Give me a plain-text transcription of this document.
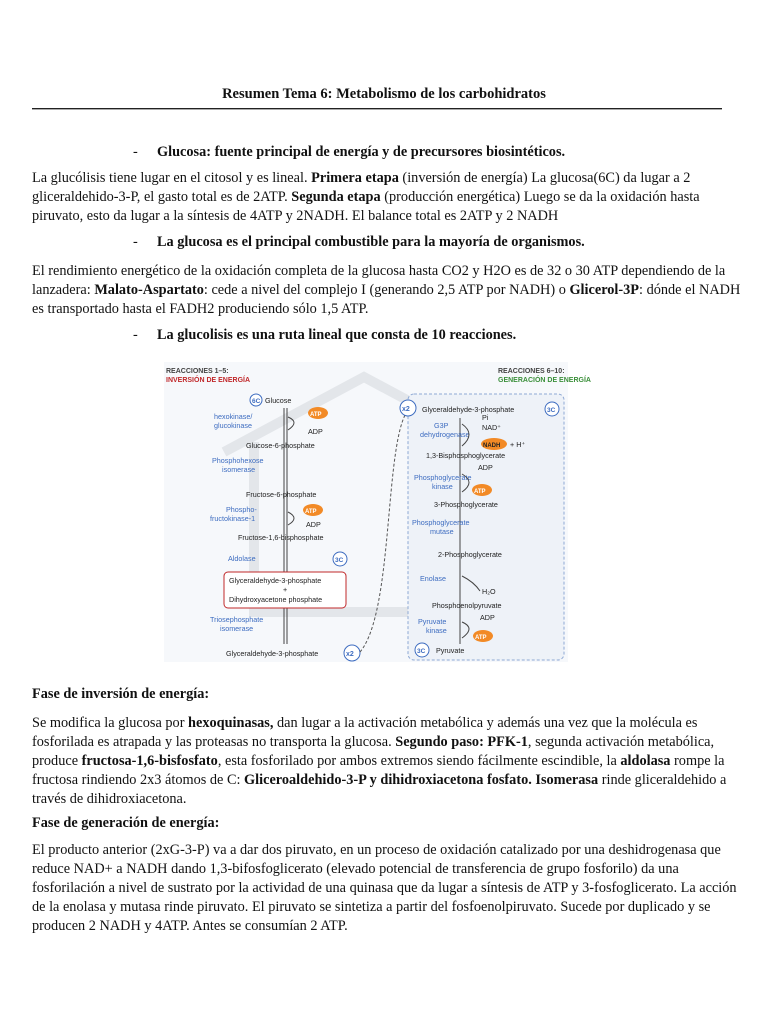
Resumen Tema 6: Metabolismo de los carbohidratos
- Glucosa: fuente principal de energía y de precursores biosintéticos.
La glucólisis tiene lugar en el citosol y es lineal. Primera etapa (inversión de energía) La glucosa(6C) da lugar a 2 gliceraldehido-3-P, el gasto total es de 2ATP. Segunda etapa (producción energética) Luego se da la oxidación hasta piruvato, esto da lugar a la síntesis de 4ATP y 2NADH. El balance total es 2ATP y 2 NADH
- La glucosa es el principal combustible para la mayoría de organismos.
El rendimiento energético de la oxidación completa de la glucosa hasta CO2 y H2O es de 32 o 30 ATP dependiendo de la lanzadera: Malato-Aspartato: cede a nivel del complejo I (generando 2,5 ATP por NADH) o Glicerol-3P: dónde el NADH es transportado hasta el FADH2 produciendo sólo 1,5 ATP.
- La glucolisis es una ruta lineal que consta de 10 reacciones.
REACCIONES 1–5:
INVERSIÓN DE ENERGÍA
6C Glucose
hexokinase/
glucokinase
ATP
ADP
Glucose-6-phosphate
Phosphohexose
isomerase
Fructose-6-phosphate
Phospho-
fructokinase-1
ATP
ADP
Fructose-1,6-bisphosphate
Aldolase	3C
Glyceraldehyde-3-phosphate
+
Dihydroxyacetone phosphate
Triosephosphate
isomerase
Glyceraldehyde-3-phosphate	x2
REACCIONES 6–10:
GENERACIÓN DE ENERGÍA
x2 Glyceraldehyde-3-phosphate	3C
G3P
dehydrogenase
Pi
NAD⁺
NADH + H⁺
1,3-Bisphosphoglycerate
Phosphoglycerate
kinase
ADP
ATP
3-Phosphoglycerate
Phosphoglycerate
mutase
2-Phosphoglycerate
Enolase
H₂O
Phosphoenolpyruvate
Pyruvate
kinase
ADP
ATP
3C Pyruvate
Fase de inversión de energía:
Se modifica la glucosa por hexoquinasas, dan lugar a la activación metabólica y además una vez que la molécula es fosforilada es atrapada y las proteasas no transporta la glucosa. Segundo paso: PFK-1, segunda activación metabólica, produce fructosa-1,6-bisfosfato, esta fosforilado por ambos extremos siendo fácilmente escindible, la aldolasa rompe la fructosa rindiendo 2x3 átomos de C: Gliceroaldehido-3-P y dihidroxiacetona fosfato. Isomerasa rinde gliceraldehido a través de dihidroxiacetona.
Fase de generación de energía:
El producto anterior (2xG-3-P) va a dar dos piruvato, en un proceso de oxidación catalizado por una deshidrogenasa que reduce NAD+ a NADH dando 1,3-bifosfoglicerato (elevado potencial de transferencia de grupo fosforilo) da una fosforilación a nivel de sustrato por la actividad de una quinasa que da lugar a síntesis de ATP y 3-fosfoglicerato. La acción de la enolasa y mutasa rinde piruvato. El piruvato se sintetiza a partir del fosfoenolpiruvato. Sucede por duplicado y se producen 2 NADH y 4ATP. Antes se consumían 2 ATP.
